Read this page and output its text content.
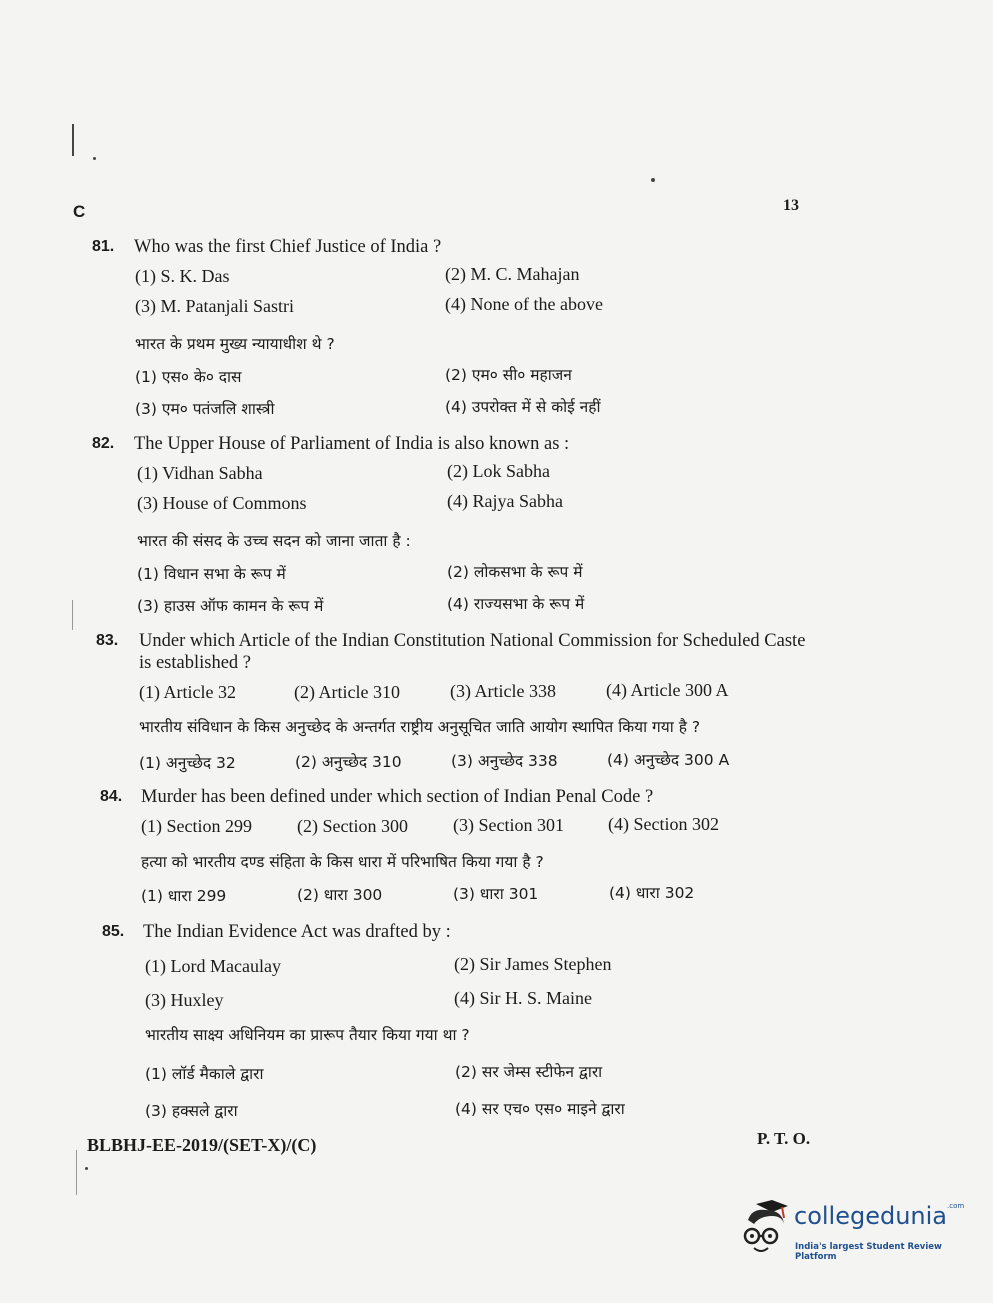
C	13
81. Who was the first Chief Justice of India ?
(1) S. K. Das	(2) M. C. Mahajan
(3) M. Patanjali Sastri	(4) None of the above
भारत के प्रथम मुख्य न्यायाधीश थे ?
(1) एस० के० दास	(2) एम० सी० महाजन
(3) एम० पतंजलि शास्त्री	(4) उपरोक्त में से कोई नहीं
82. The Upper House of Parliament of India is also known as :
(1) Vidhan Sabha	(2) Lok Sabha
(3) House of Commons	(4) Rajya Sabha
भारत की संसद के उच्च सदन को जाना जाता है :
(1) विधान सभा के रूप में	(2) लोकसभा के रूप में
(3) हाउस ऑफ कामन के रूप में	(4) राज्यसभा के रूप में
83. Under which Article of the Indian Constitution National Commission for Scheduled Caste is established ?
(1) Article 32	(2) Article 310	(3) Article 338	(4) Article 300 A
भारतीय संविधान के किस अनुच्छेद के अन्तर्गत राष्ट्रीय अनुसूचित जाति आयोग स्थापित किया गया है ?
(1) अनुच्छेद 32	(2) अनुच्छेद 310	(3) अनुच्छेद 338	(4) अनुच्छेद 300 A
84. Murder has been defined under which section of Indian Penal Code ?
(1) Section 299	(2) Section 300	(3) Section 301 (4) Section 302
हत्या को भारतीय दण्ड संहिता के किस धारा में परिभाषित किया गया है ?
(1) धारा 299	(2) धारा 300	(3) धारा 301	(4) धारा 302
85. The Indian Evidence Act was drafted by :
(1) Lord Macaulay	(2) Sir James Stephen
(3) Huxley	(4) Sir H. S. Maine
भारतीय साक्ष्य अधिनियम का प्रारूप तैयार किया गया था ?
(1) लॉर्ड मैकाले द्वारा	(2) सर जेम्स स्टीफेन द्वारा
(3) हक्सले द्वारा	(4) सर एच० एस० माइने द्वारा
BLBHJ-EE-2019/(SET-X)/(C)	P. T. O.
collegedunia$^{.com}$
India's largest Student Review Platform
